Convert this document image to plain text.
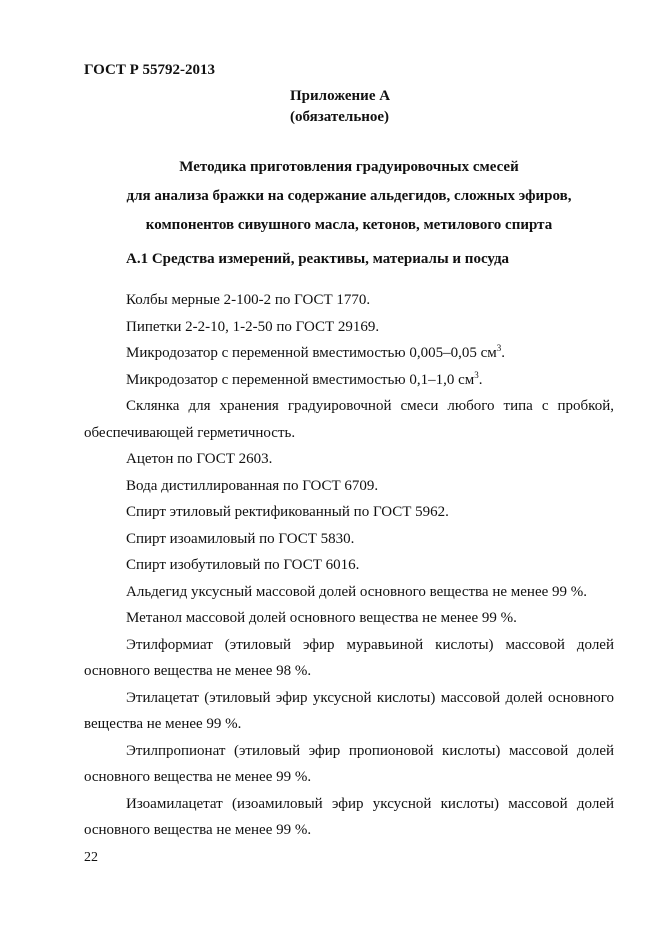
ГОСТ Р 55792-2013
Приложение А
(обязательное)
Методика приготовления градуировочных смесей
для анализа бражки на содержание альдегидов, сложных эфиров,
компонентов сивушного масла, кетонов, метилового спирта
А.1 Средства измерений, реактивы, материалы и посуда

Колбы мерные 2-100-2 по ГОСТ 1770.

Пипетки 2-2-10, 1-2-50 по ГОСТ 29169.

Микродозатор с переменной вместимостью 0,005–0,05 $см^3$.

Микродозатор с переменной вместимостью 0,1–1,0 $см^3$.

Склянка для хранения градуировочной смеси любого типа с пробкой, обеспечивающей герметичность.

Ацетон по ГОСТ 2603.

Вода дистиллированная по ГОСТ 6709.

Спирт этиловый ректификованный по ГОСТ 5962.

Спирт изоамиловый по ГОСТ 5830.

Спирт изобутиловый по ГОСТ 6016.

Альдегид уксусный массовой долей основного вещества не менее 99 %.

Метанол массовой долей основного вещества не менее 99 %.

Этилформиат (этиловый эфир муравьиной кислоты) массовой долей основного вещества не менее 98 %.

Этилацетат (этиловый эфир уксусной кислоты) массовой долей основного вещества не менее 99 %.

Этилпропионат (этиловый эфир пропионовой кислоты) массовой долей основного вещества не менее 99 %.

Изоамилацетат (изоамиловый эфир уксусной кислоты) массовой долей основного вещества не менее 99 %.

22
